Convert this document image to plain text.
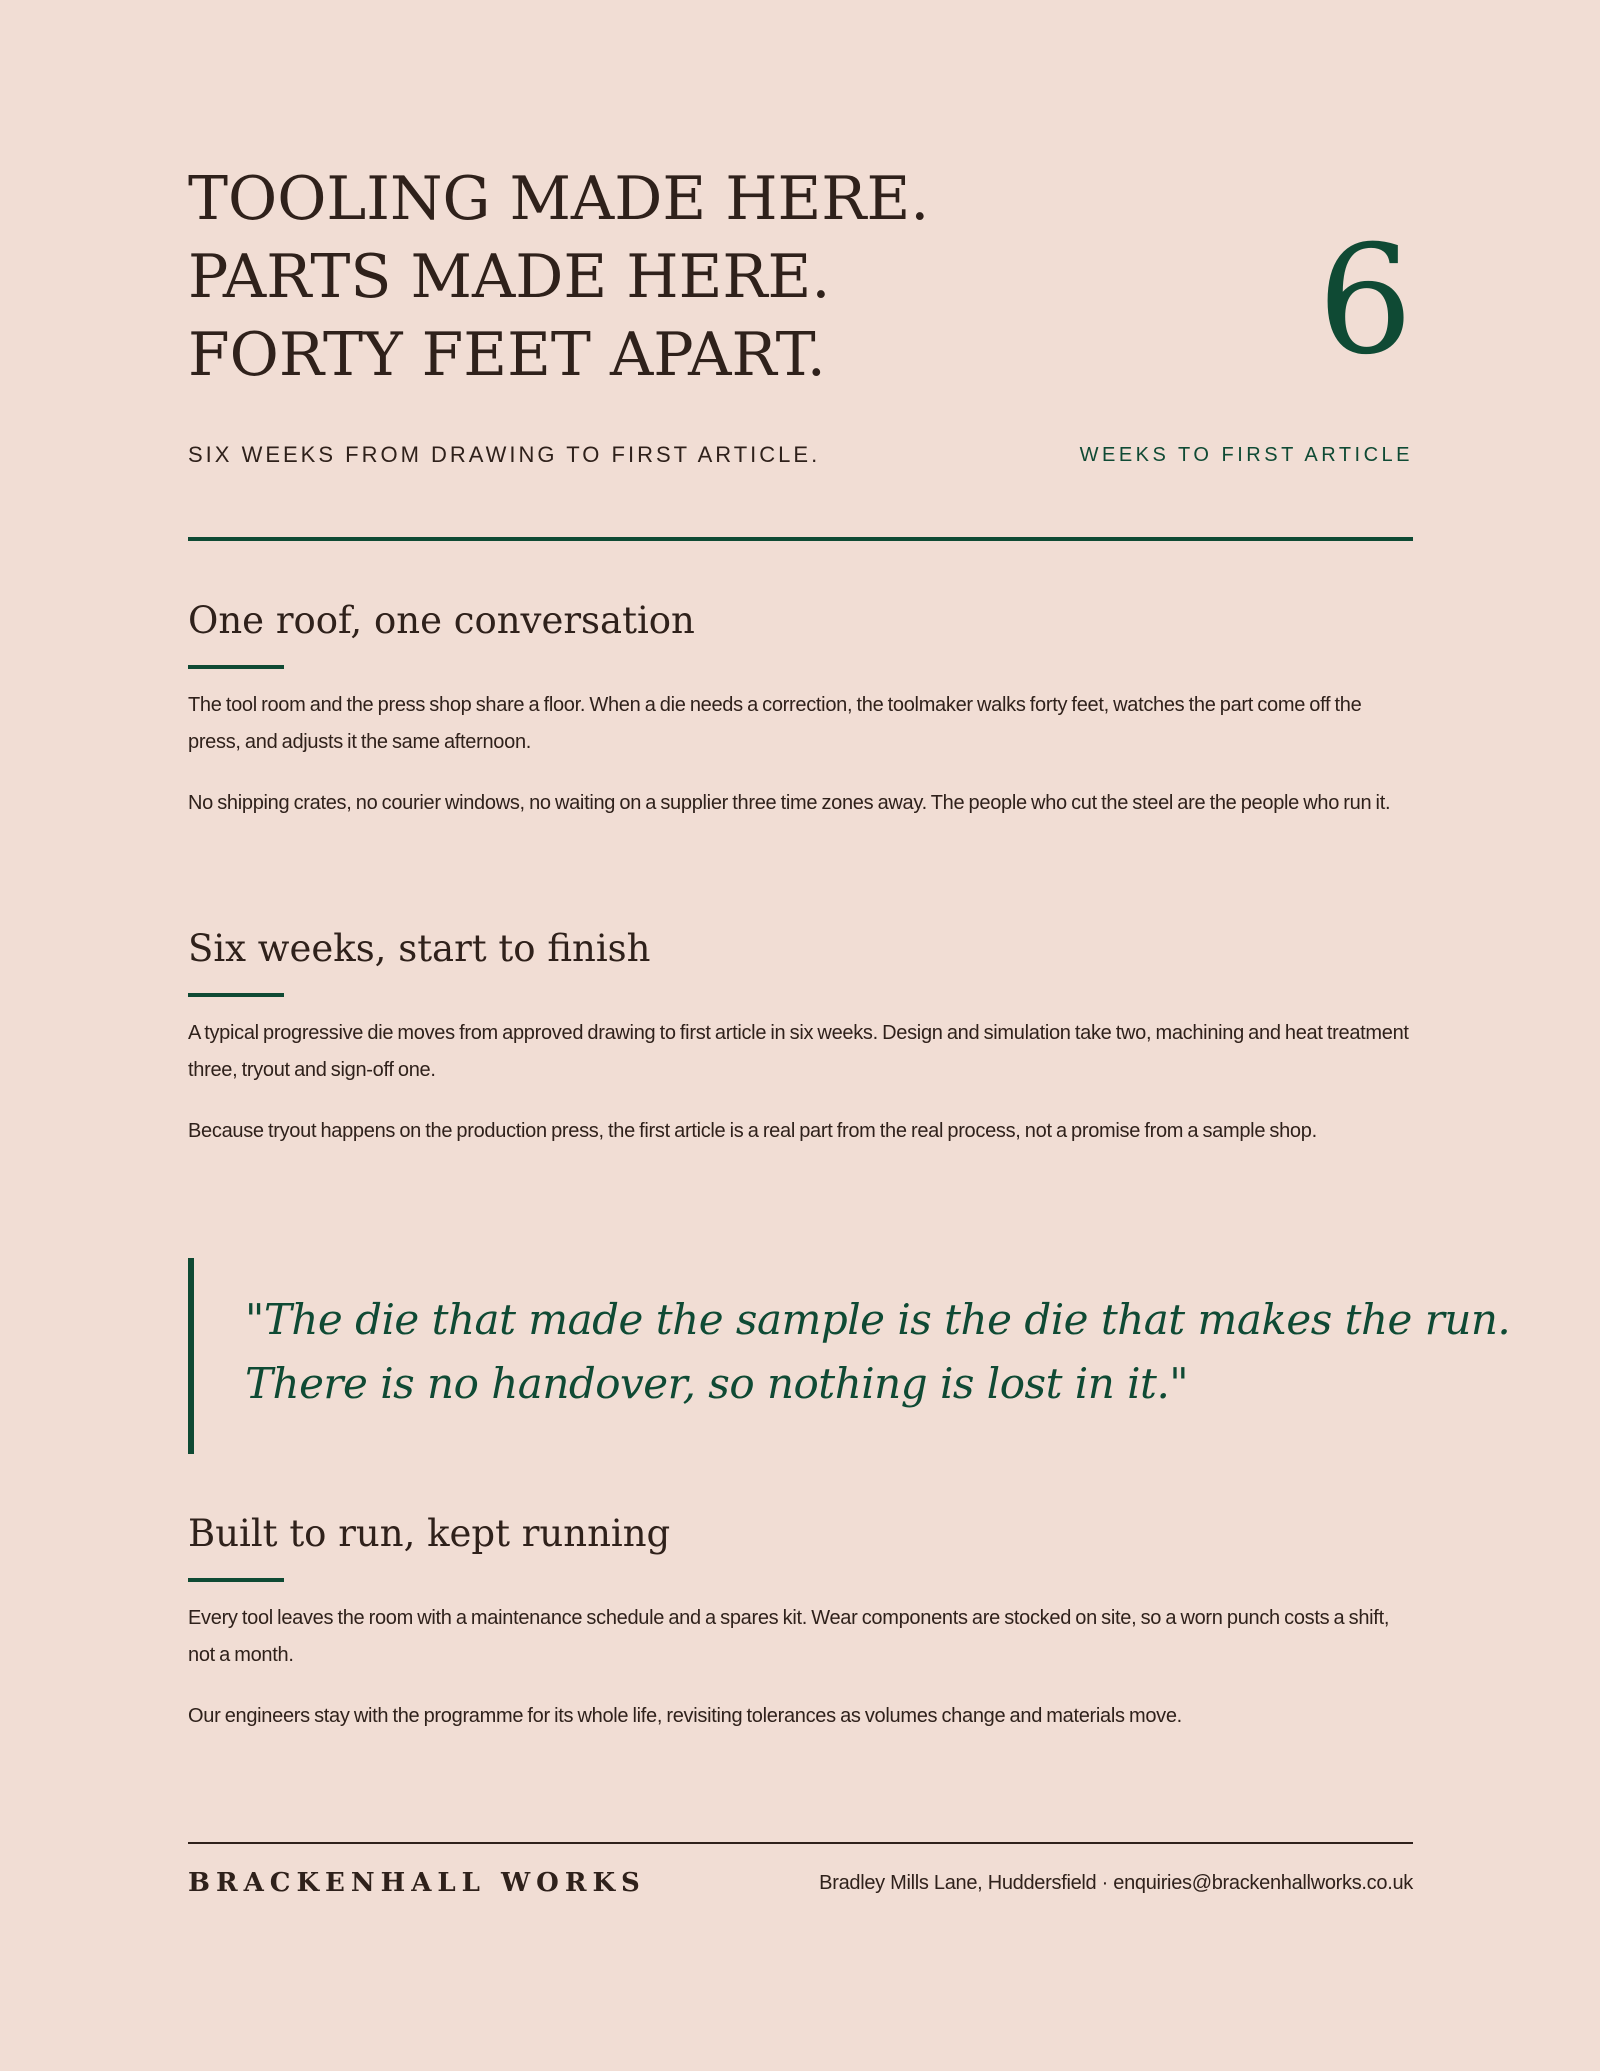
TOOLING MADE HERE.
PARTS MADE HERE.
FORTY FEET APART.	6
SIX WEEKS FROM DRAWING TO FIRST ARTICLE.	WEEKS TO FIRST ARTICLE
One roof, one conversation

The tool room and the press shop share a floor. When a die needs a correction, the toolmaker walks forty feet, watches the part come off the press, and adjusts it the same afternoon.

No shipping crates, no courier windows, no waiting on a supplier three time zones away. The people who cut the steel are the people who run it.

Six weeks, start to finish

A typical progressive die moves from approved drawing to first article in six weeks. Design and simulation take two, machining and heat treatment three, tryout and sign-off one.

Because tryout happens on the production press, the first article is a real part from the real process, not a promise from a sample shop.

"The die that made the sample is the die that makes the run.
There is no handover, so nothing is lost in it."

Built to run, kept running

Every tool leaves the room with a maintenance schedule and a spares kit. Wear components are stocked on site, so a worn punch costs a shift, not a month.

Our engineers stay with the programme for its whole life, revisiting tolerances as volumes change and materials move.

BRACKENHALL WORKS	Bradley Mills Lane, Huddersfield · enquiries@brackenhallworks.co.uk
